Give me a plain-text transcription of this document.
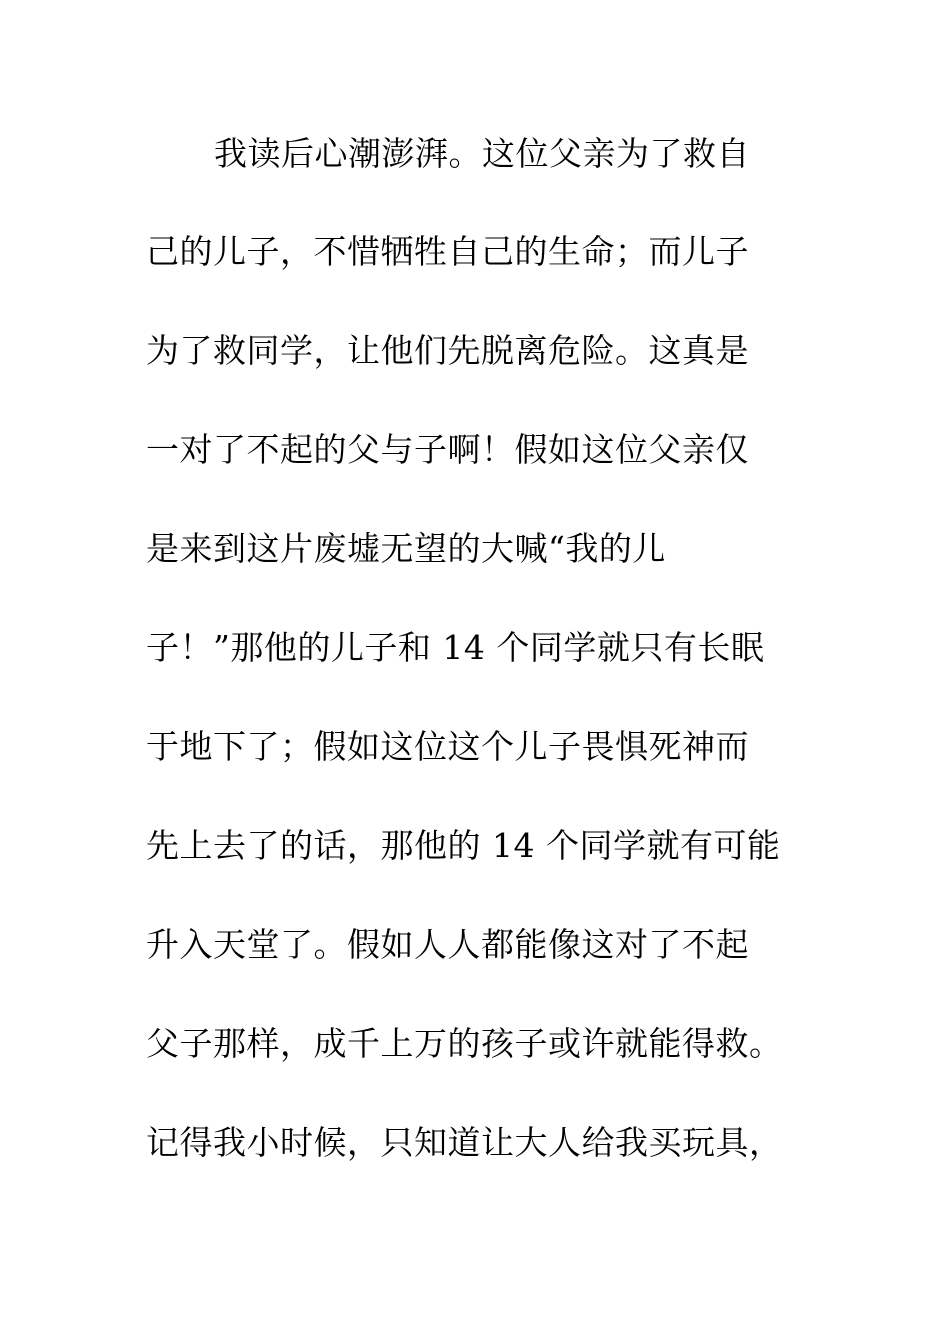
我读后心潮澎湃。这位父亲为了救自
己的儿子，不惜牺牲自己的生命；而儿子
为了救同学，让他们先脱离危险。这真是
一对了不起的父与子啊！假如这位父亲仅
是来到这片废墟无望的大喊“我的儿
子！”那他的儿子和 14 个同学就只有长眠
于地下了；假如这位这个儿子畏惧死神而
先上去了的话，那他的 14 个同学就有可能
升入天堂了。假如人人都能像这对了不起
父子那样，成千上万的孩子或许就能得救。
记得我小时候，只知道让大人给我买玩具，
